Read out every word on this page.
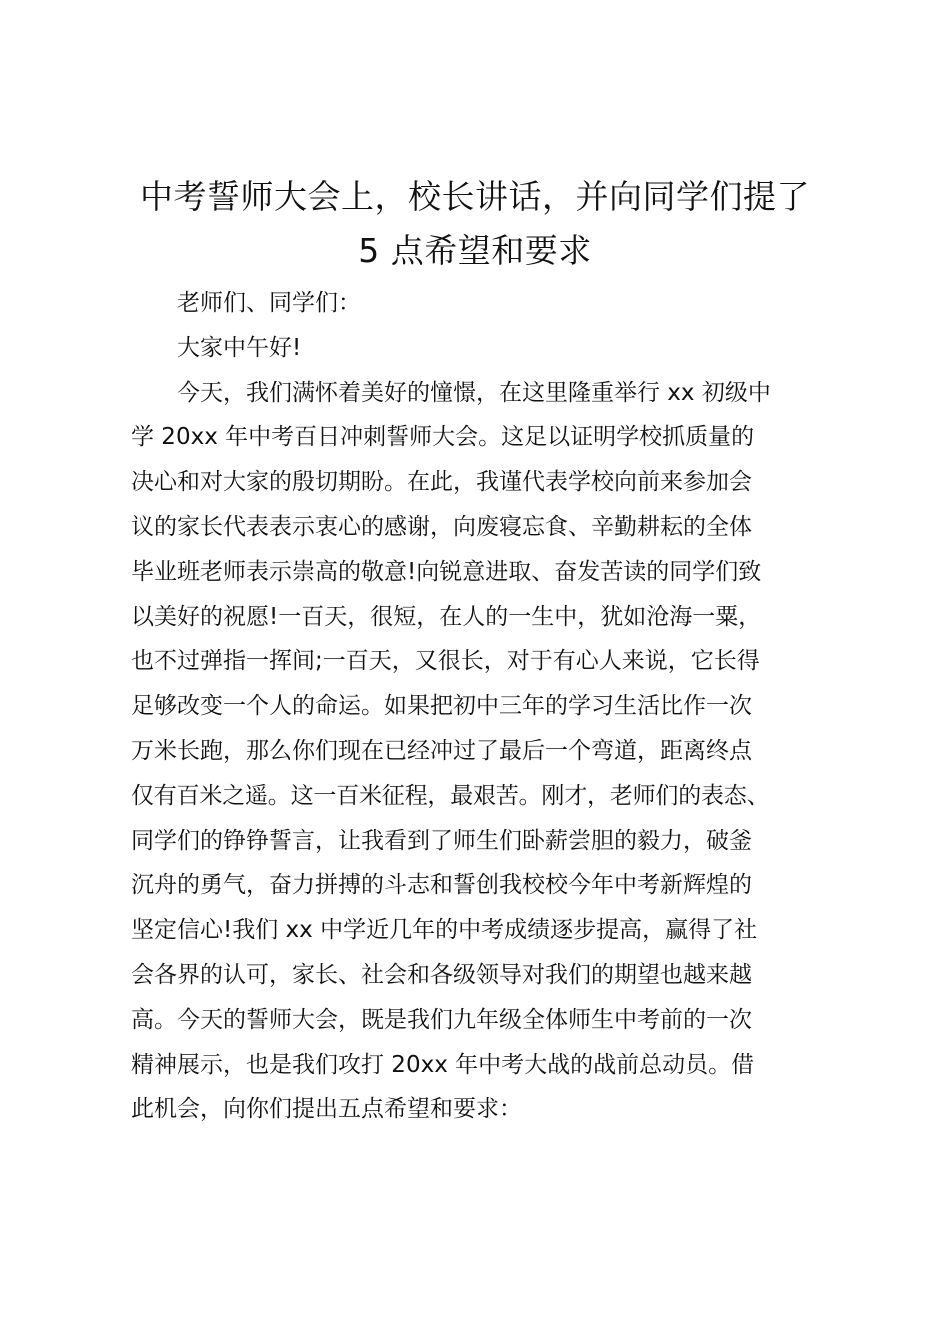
中考誓师大会上，校长讲话，并向同学们提了
5 点希望和要求
老师们、同学们：
大家中午好!
今天，我们满怀着美好的憧憬，在这里隆重举行 xx 初级中
学 20xx 年中考百日冲刺誓师大会。这足以证明学校抓质量的
决心和对大家的殷切期盼。在此，我谨代表学校向前来参加会
议的家长代表表示衷心的感谢，向废寝忘食、辛勤耕耘的全体
毕业班老师表示崇高的敬意!向锐意进取、奋发苦读的同学们致
以美好的祝愿!一百天，很短，在人的一生中，犹如沧海一粟，
也不过弹指一挥间;一百天，又很长，对于有心人来说，它长得
足够改变一个人的命运。如果把初中三年的学习生活比作一次
万米长跑，那么你们现在已经冲过了最后一个弯道，距离终点
仅有百米之遥。这一百米征程，最艰苦。刚才，老师们的表态、
同学们的铮铮誓言，让我看到了师生们卧薪尝胆的毅力，破釜
沉舟的勇气，奋力拼搏的斗志和誓创我校校今年中考新辉煌的
坚定信心!我们 xx 中学近几年的中考成绩逐步提高，赢得了社
会各界的认可，家长、社会和各级领导对我们的期望也越来越
高。今天的誓师大会，既是我们九年级全体师生中考前的一次
精神展示，也是我们攻打 20xx 年中考大战的战前总动员。借
此机会，向你们提出五点希望和要求：
